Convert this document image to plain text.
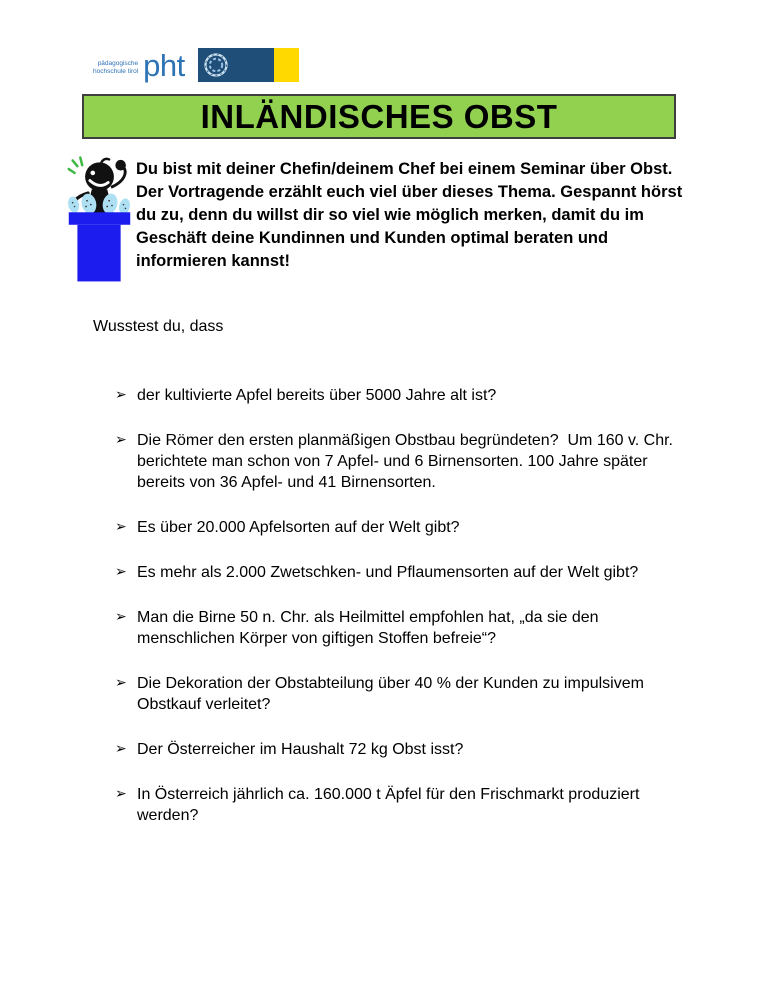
pädagogische
hochschule tirol pht
INLÄNDISCHES OBST

Du bist mit deiner Chefin/deinem Chef bei einem Seminar über Obst. Der Vortragende erzählt euch viel über dieses Thema. Gespannt hörst du zu, denn du willst dir so viel wie möglich merken, damit du im Geschäft deine Kundinnen und Kunden optimal beraten und informieren kannst!

Wusstest du, dass
➢ der kultivierte Apfel bereits über 5000 Jahre alt ist?
➢ Die Römer den ersten planmäßigen Obstbau begründeten?  Um 160 v. Chr. berichtete man schon von 7 Apfel- und 6 Birnensorten. 100 Jahre später bereits von 36 Apfel- und 41 Birnensorten.
➢ Es über 20.000 Apfelsorten auf der Welt gibt?
➢ Es mehr als 2.000 Zwetschken- und Pflaumensorten auf der Welt gibt?
➢ Man die Birne 50 n. Chr. als Heilmittel empfohlen hat, „da sie den menschlichen Körper von giftigen Stoffen befreie“?
➢ Die Dekoration der Obstabteilung über 40 % der Kunden zu impulsivem Obstkauf verleitet?
➢ Der Österreicher im Haushalt 72 kg Obst isst?
➢ In Österreich jährlich ca. 160.000 t Äpfel für den Frischmarkt produziert werden?
